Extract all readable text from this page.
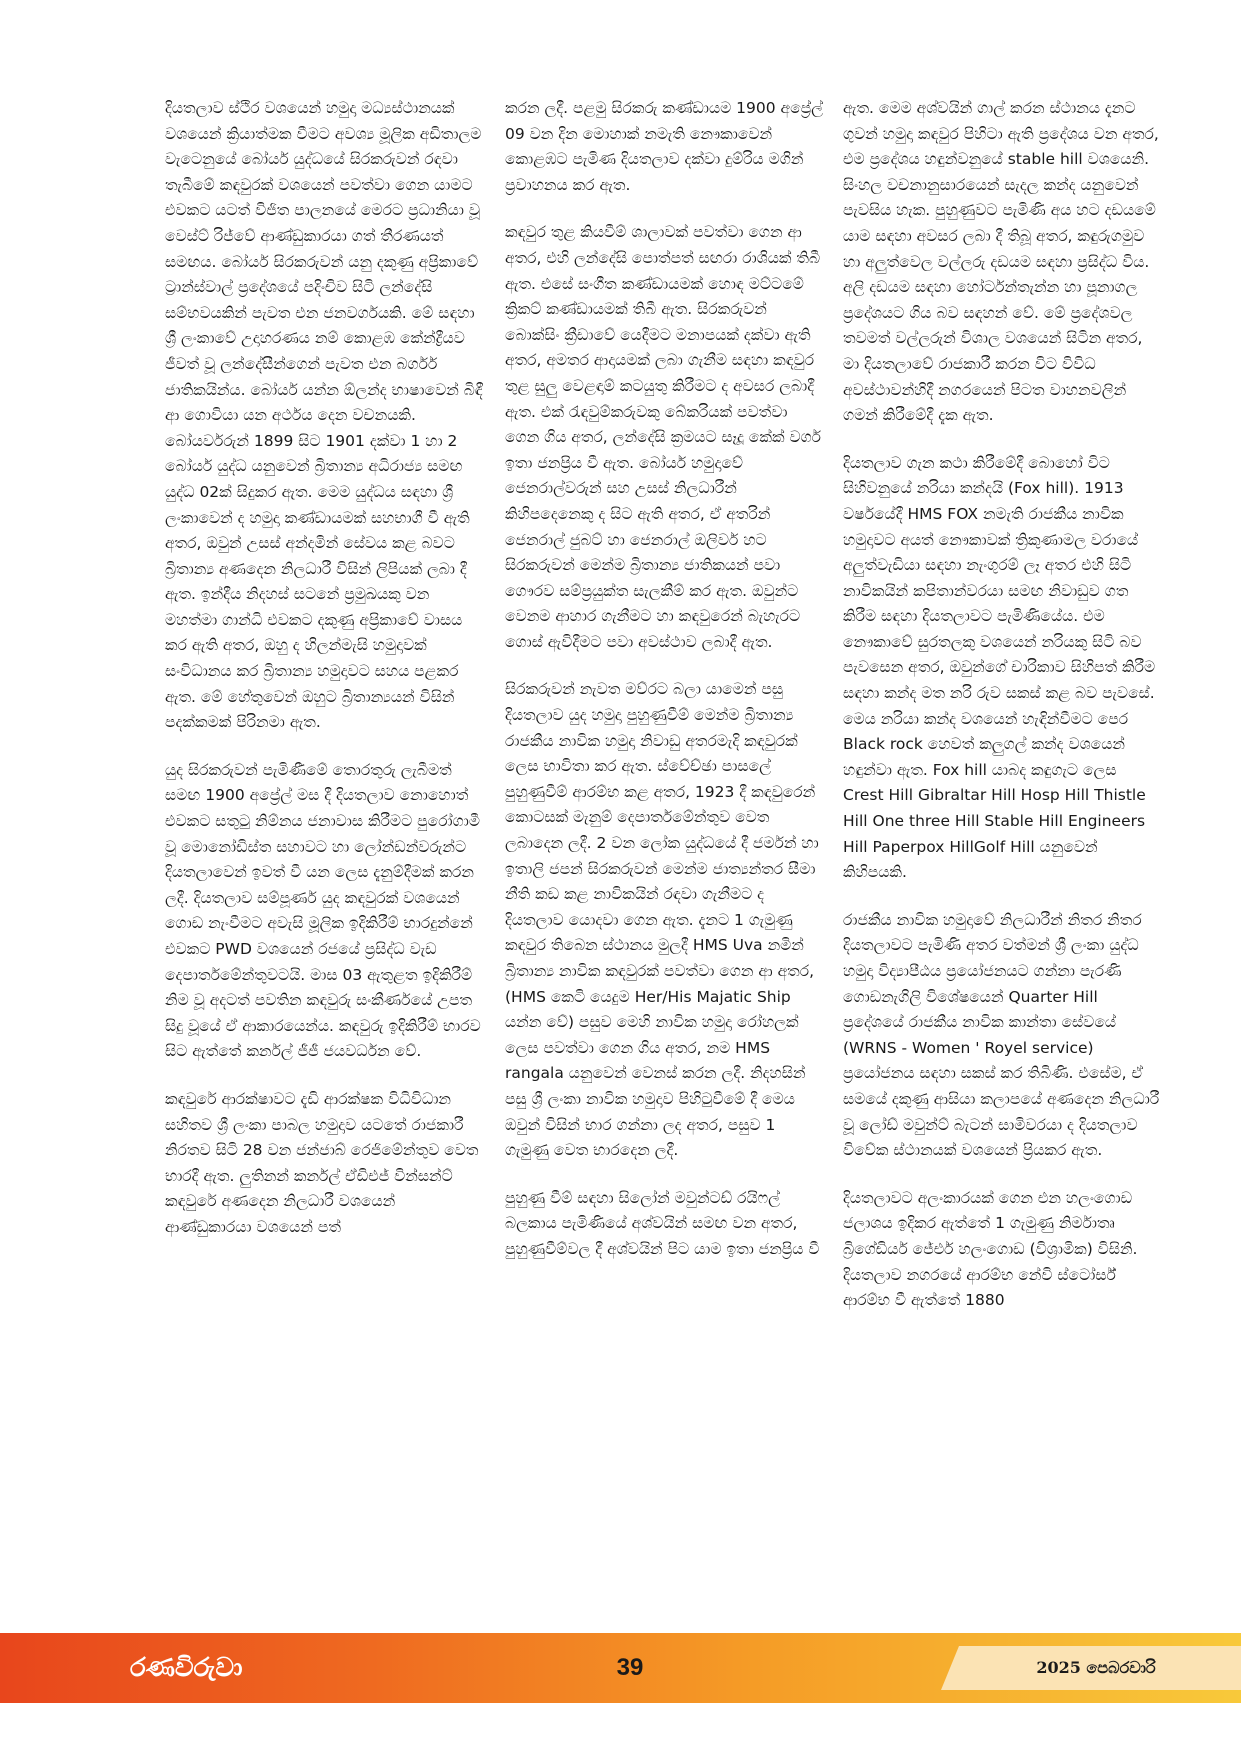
දියතලාව ස්ථිර වශයෙන් හමුදා මධ්‍යස්ථානයක් වශයෙන් ක්‍රියාත්මක වීමට අවශ්‍ය මූලික අඩිතාලම වැටෙනුයේ බෝයර් යුද්ධයේ සිරකරුවන් රඳවා තැබීමේ කඳවුරක් වශයෙන් පවත්වා ගෙන යාමට එවකට යටත් විජිත පාලනයේ මෙරට ප්‍රධානියා වූ වෙස්ට් රිජ්වේ ආණ්ඩුකාරයා ගත් තීරණයත් සමඟය. බෝයර් සිරකරුවන් යනු දකුණු අප්‍රිකාවේ ට්‍රාන්ස්වාල් ප්‍රදේශයේ පදිංචිව සිටි ලන්දේසි සම්භවයකින් පැවත එන ජනවර්ගයකි. මේ සඳහා ශ්‍රී ලංකාවේ උදාහරණය නම් කොළඹ කේන්ද්‍රීයව ජීවත් වූ ලන්දේසීන්ගෙන් පැවත එන බර්ගර් ජාතිකයින්ය. බෝයර් යන්න ඕලන්ද භාෂාවෙන් බිඳී ආ ගොවියා යන අර්ථය දෙන වචනයකි. බෝයර්වරුන් 1899 සිට 1901 දක්වා 1 හා 2 බෝයර් යුද්ධ යනුවෙන් බ්‍රිතාන්‍ය අධිරාජ්‍ය සමඟ යුද්ධ 02ක් සිදුකර ඇත. මෙම යුද්ධය සඳහා ශ්‍රී ලංකාවෙන් ද හමුදා කණ්ඩායමක් සහභාගී වී ඇති අතර, ඔවුන් උසස් අන්දමින් සේවය කළ බවට බ්‍රිතාන්‍ය අණදෙන නිලධාරී විසින් ලිපියක් ලබා දී ඇත. ඉන්දීය නිදහස් සටනේ ප්‍රමුඛයකු වන මහත්මා ගාන්ධි එවකට දකුණු අප්‍රිකාවේ වාසය කර ඇති අතර, ඔහු ද හිලන්මැසි හමුදාවක් සංවිධානය කර බ්‍රිතාන්‍ය හමුදාවට සහය පළකර ඇත. මේ හේතුවෙන් ඔහුට බ්‍රිතාන්‍යයන් විසින් පදක්කමක් පිරිනමා ඇත.

යුද සිරකරුවන් පැමිණීමේ තොරතුරු ලැබීමත් සමඟ 1900 අප්‍රේල් මස දී දියතලාව නොහොත් එවකට සතුටු නිම්නය ජනාවාස කිරීමට පුරෝගාමී වූ මොනෝඩිස්ත සහාවට හා ලෝන්ඩන්වරුන්ට දියතලාවෙන් ඉවත් වී යන ලෙස දැනුම්දීමක් කරන ලදී. දියතලාව සම්පූර්ණ යුද කඳවුරක් වශයෙන් ගොඩ නැංවීමට අවැසි මූලික ඉදිකිරීම් භාරදුන්නේ එවකට PWD වශයෙන් රජයේ ප්‍රසිද්ධ වැඩ දෙපාර්තමේන්තුවටයි. මාස 03 ඇතුළත ඉදිකිරීම් නිම වූ අදටත් පවතින කඳවුරු සංකීර්ණයේ උපත සිදු වූයේ ඒ ආකාරයෙන්ය. කඳවුරු ඉදිකිරීම් භාරව සිට ඇත්තේ කර්නල් ජීජී ජයවර්ධන වේ.

කඳවුරේ ආරක්ෂාවට දැඩි ආරක්ෂක විධිවිධාන සහිතව ශ්‍රී ලංකා පාබල හමුදාව යටතේ රාජකාරී නිරතව සිටි 28 වන ජන්ජාබ් රෙජිමේන්තුව වෙත භාරදී ඇත. ලුතිනන් කර්නල් ඒඩිඑජ් වින්සන්ට් කඳවුරේ අණදෙන නිලධාරී වශයෙන් ආණ්ඩුකාරයා වශයෙන් පත්

කරන ලදී. පළමු සිරකරු කණ්ඩායම 1900 අප්‍රේල් 09 වන දින මොහාක් නමැති නෞකාවෙන් කොළඹට පැමිණ දියතලාව දක්වා දුම්රිය මගින් ප්‍රවාහනය කර ඇත.

කඳවුර තුළ කියවීම් ශාලාවක් පවත්වා ගෙන ආ අතර, එහි ලන්දේසි පොත්පත් සඟරා රාශියක් තිබී ඇත. එසේ සංගීත කණ්ඩායමක් හොඳ මට්ටමේ ක්‍රිකට් කණ්ඩායමක් තිබී ඇත. සිරකරුවන් බොක්සිං ක්‍රීඩාවේ යෙදීමට මනාපයක් දක්වා ඇති අතර, අමතර ආදායමක් ලබා ගැනීම සඳහා කඳවුර තුළ සුලු වෙළඳාම් කටයුතු කිරීමට ද අවසර ලබාදී ඇත. එක් රැඳවුම්කරුවකු බේකරියක් පවත්වා ගෙන ගිය අතර, ලන්දේසි ක්‍රමයට සෑදූ කේක් වර්ග ඉතා ජනප්‍රිය වී ඇත. බෝයර් හමුදාවේ ජෙනරාල්වරුන් සහ උසස් නිලධාරීන් කිහිපදෙනෙකු ද සිට ඇති අතර, ඒ අතරින් ජෙනරාල් ජුබට් හා ජෙනරාල් ඔලිවර් හට සිරකරුවන් මෙන්ම බ්‍රිතාන්‍ය ජාතිකයන් පවා ගෞරව සම්ප්‍රයුක්ත සැලකීම් කර ඇත. ඔවුන්ට වෙනම ආහාර ගැනීමට හා කඳවුරෙන් බැහැරට ගොස් ඇවිදීමට පවා අවස්ථාව ලබාදී ඇත.

සිරකරුවන් නැවත මව්රට බලා යාමෙන් පසු දියතලාව යුද හමුදා පුහුණුවීම් මෙන්ම බ්‍රිතාන්‍ය රාජකීය නාවික හමුදා නිවාඩු අතරමැදි කඳවුරක් ලෙස භාවිතා කර ඇත. ස්වේච්ඡා පාසලේ පුහුණුවීම් ආරම්භ කළ අතර, 1923 දී කඳවුරෙන් කොටසක් මැනුම් දෙපාර්තමේන්තුව වෙත ලබාදෙන ලදී. 2 වන ලෝක යුද්ධයේ දී ජර්මන් හා ඉතාලි ජපන් සිරකරුවන් මෙන්ම ජාත්‍යන්තර සීමා නීති කඩ කළ නාවිකයින් රඳවා ගැනීමට ද දියතලාව යොදවා ගෙන ඇත. දැනට 1 ගැමුණු කඳවුර තිබෙන ස්ථානය මුලදී HMS Uva නමින් බ්‍රිතාන්‍ය නාවික කඳවුරක් පවත්වා ගෙන ආ අතර, (HMS කෙටි යෙදුම Her/His Majatic Ship යන්න වේ) පසුව මෙහි නාවික හමුදා රෝහලක් ලෙස පවත්වා ගෙන ගිය අතර, නම HMS rangala යනුවෙන් වෙනස් කරන ලදී. නිදහසින් පසු ශ්‍රී ලංකා නාවික හමුදාව පිහිටුවීමේ දී මෙය ඔවුන් විසින් භාර ගන්නා ලද අතර, පසුව 1 ගැමුණු වෙත භාරදෙන ලදී.

පුහුණු වීම් සඳහා සිලෝන් මවුන්ටඩ් රයිෆල් බලකාය පැමිණියේ අශ්වයින් සමඟ වන අතර, පුහුණුවීම්වල දී අශ්වයින් පිට යාම ඉතා ජනප්‍රිය වී

ඇත. මෙම අශ්වයින් ගාල් කරන ස්ථානය දැනට ගුවන් හමුදා කඳවුර පිහිටා ඇති ප්‍රදේශය වන අතර, එම ප්‍රදේශය හඳුන්වනුයේ stable hill වශයෙනි. සිංහල වචනානුසාරයෙන් සැදල කන්ද යනුවෙන් පැවසිය හැක. පුහුණුවට පැමිණි අය හට දඩයමේ යාම සඳහා අවසර ලබා දී තිබූ අතර, කඳුරුගමුව හා අලුත්වෙල වල්ලරු දඩයම සඳහා ප්‍රසිද්ධ විය. අලි දඩයම සඳහා හෝර්ටන්තැන්න හා පූනාගල ප්‍රදේශයට ගිය බව සඳහන් වේ. මේ ප්‍රදේශවල තවමත් වල්ලරුන් විශාල වශයෙන් සිටින අතර, මා දියතලාවේ රාජකාරී කරන විට විවිධ අවස්ථාවන්හිදී නගරයෙන් පිටත වාහනවලින් ගමන් කිරීමේදී දැක ඇත.

දියතලාව ගැන කථා කිරීමේදී බොහෝ විට සිහිවනුයේ නරියා කන්දයි (Fox hill). 1913 වර්ෂයේදී HMS FOX නමැති රාජකීය නාවික හමුදාවට අයත් නෞකාවක් ත්‍රිකුණාමල වරායේ අලුත්වැඩියා සඳහා නැංගුරම් ලෑ අතර එහි සිටි නාවිකයින් කපිතාන්වරයා සමඟ නිවාඩුව ගත කිරීම සඳහා දියතලාවට පැමිණියේය. එම නෞකාවේ සුරතලකු වශයෙන් නරියකු සිටි බව පැවසෙන අතර, ඔවුන්ගේ චාරිකාව සිහිපත් කිරීම සඳහා කන්ද මත නරි රුව සකස් කළ බව පැවසේ. මෙය නරියා කන්ද වශයෙන් හැඳින්වීමට පෙර Black rock හෙවත් කලුගල් කන්ද වශයෙන් හඳුන්වා ඇත. Fox hill යාබද කඳුගැට ලෙස Crest Hill Gibraltar Hill Hosp Hill Thistle Hill One three Hill Stable Hill Engineers Hill Paperpox HillGolf Hill යනුවෙන් කිහිපයකි.

රාජකීය නාවික හමුදාවේ නිලධාරීන් නිතර නිතර දියතලාවට පැමිණි අතර වත්මන් ශ්‍රී ලංකා යුද්ධ හමුදා විද්‍යාපීඨය ප්‍රයෝජනයට ගන්නා පැරණි ගොඩනැගිලි විශේෂයෙන් Quarter Hill ප්‍රදේශයේ රාජකීය නාවික කාන්තා සේවයේ (WRNS - Women ' Royel service) ප්‍රයෝජනය සඳහා සකස් කර තිබිණි. එසේම, ඒ සමයේ දකුණු ආසියා කලාපයේ අණදෙන නිලධාරී වූ ලෝඩ් මවුන්ට් බැටන් සාමිවරයා ද දියතලාව විවේක ස්ථානයක් වශයෙන් ප්‍රියකර ඇත.

දියතලාවට අලංකාරයක් ගෙන එන හලංගොඩ ජලාශය ඉදිකර ඇත්තේ 1 ගැමුණු නිර්මාතෘ බ්‍රිගේඩියර් ජේඑර් හලංගොඩ (විශ්‍රාමික) විසිනි. දියතලාව නගරයේ ආරම්භ නේවි ස්ටෝර්ස් ආරම්භ වී ඇත්තේ 1880

රණවිරුවා	39	2025 පෙබරවාරි
